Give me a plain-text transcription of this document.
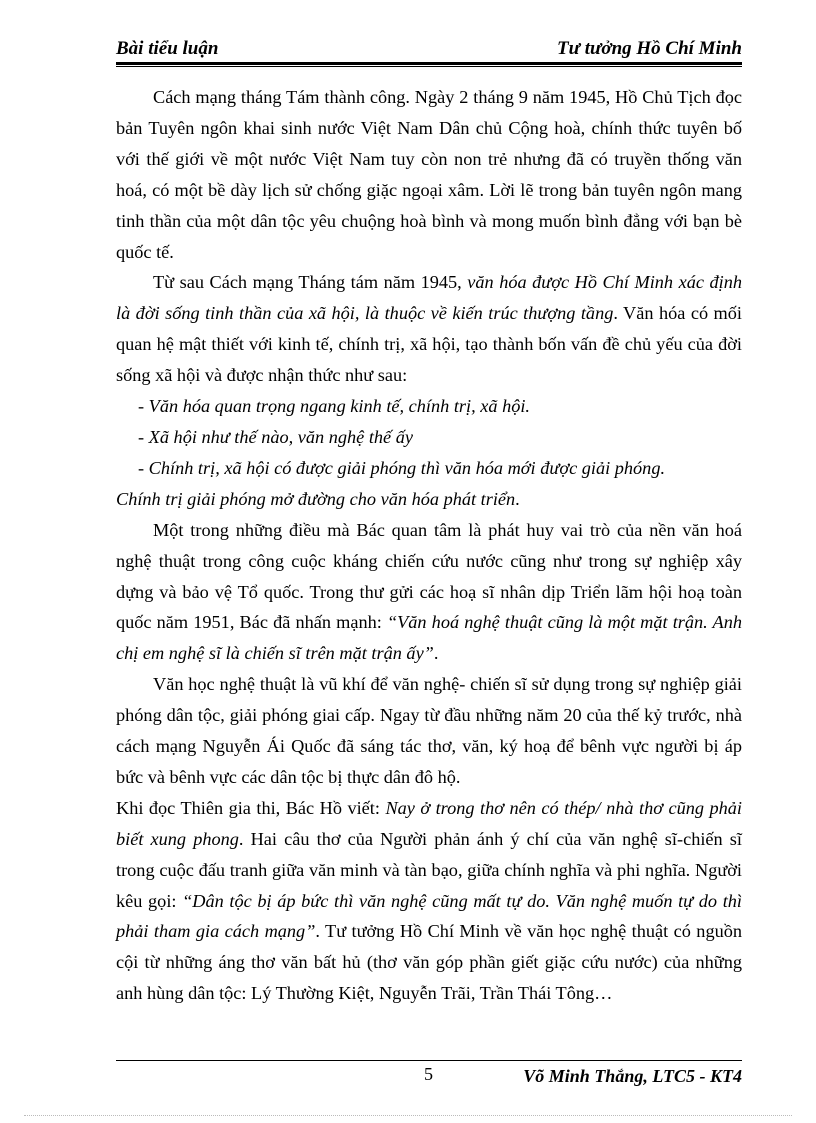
Bài tiểu luận	Tư tưởng Hồ Chí Minh

Cách mạng tháng Tám thành công. Ngày 2 tháng 9 năm 1945, Hồ Chủ Tịch đọc bản Tuyên ngôn khai sinh nước Việt Nam Dân chủ Cộng hoà, chính thức tuyên bố với thế giới về một nước Việt Nam tuy còn non trẻ nhưng đã có truyền thống văn hoá, có một bề dày lịch sử chống giặc ngoại xâm. Lời lẽ trong bản tuyên ngôn mang tinh thần của một dân tộc yêu chuộng hoà bình và mong muốn bình đẳng với bạn bè quốc tế.

Từ sau Cách mạng Tháng tám năm 1945, văn hóa được Hồ Chí Minh xác định là đời sống tinh thần của xã hội, là thuộc về kiến trúc thượng tầng. Văn hóa có mối quan hệ mật thiết với kinh tế, chính trị, xã hội, tạo thành bốn vấn đề chủ yếu của đời sống xã hội và được nhận thức như sau:

- Văn hóa quan trọng ngang kinh tế, chính trị, xã hội.

- Xã hội như thế nào, văn nghệ thế ấy

- Chính trị, xã hội có được giải phóng thì văn hóa mới được giải phóng.

Chính trị giải phóng mở đường cho văn hóa phát triển.

Một trong những điều mà Bác quan tâm là phát huy vai trò của nền văn hoá nghệ thuật trong công cuộc kháng chiến cứu nước cũng như trong sự nghiệp xây dựng và bảo vệ Tổ quốc. Trong thư gửi các hoạ sĩ nhân dịp Triển lãm hội hoạ toàn quốc năm 1951, Bác đã nhấn mạnh: “Văn hoá nghệ thuật cũng là một mặt trận. Anh chị em nghệ sĩ là chiến sĩ trên mặt trận ấy”.

Văn học nghệ thuật là vũ khí để văn nghệ- chiến sĩ sử dụng trong sự nghiệp giải phóng dân tộc, giải phóng giai cấp. Ngay từ đầu những năm 20 của thế kỷ trước, nhà cách mạng Nguyễn Ái Quốc đã sáng tác thơ, văn, ký hoạ để bênh vực người bị áp bức và bênh vực các dân tộc bị thực dân đô hộ.

Khi đọc Thiên gia thi, Bác Hồ viết: Nay ở trong thơ nên có thép/ nhà thơ cũng phải biết xung phong. Hai câu thơ của Người phản ánh ý chí của văn nghệ sĩ-chiến sĩ trong cuộc đấu tranh giữa văn minh và tàn bạo, giữa chính nghĩa và phi nghĩa. Người kêu gọi: “Dân tộc bị áp bức thì văn nghệ cũng mất tự do. Văn nghệ muốn tự do thì phải tham gia cách mạng”. Tư tưởng Hồ Chí Minh về văn học nghệ thuật có nguồn cội từ những áng thơ văn bất hủ (thơ văn góp phần giết giặc cứu nước) của những anh hùng dân tộc: Lý Thường Kiệt, Nguyễn Trãi, Trần Thái Tông…

5	Võ Minh Thắng, LTC5 - KT4
